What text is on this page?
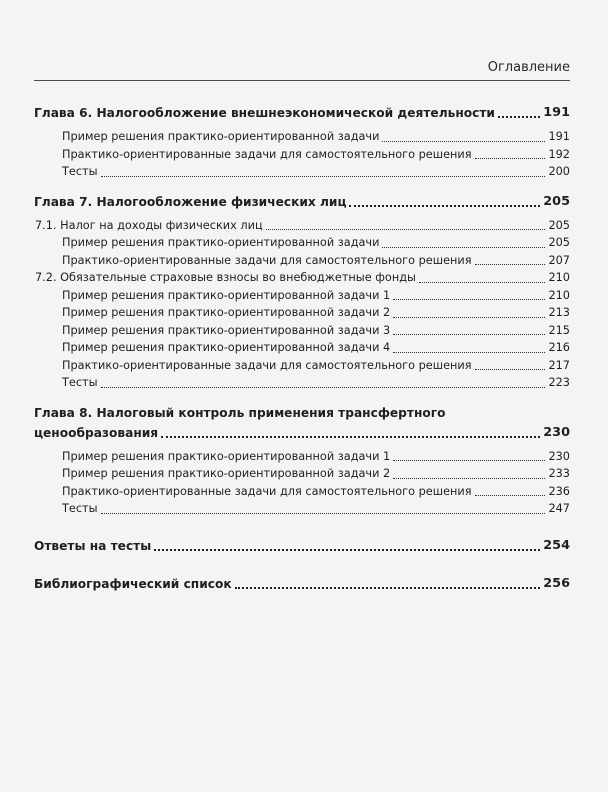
Оглавление
Глава 6. Налогообложение внешнеэкономической деятельности	191
Пример решения практико-ориентированной задачи	191
Практико-ориентированные задачи для самостоятельного решения	192
Тесты	200
Глава 7. Налогообложение физических лиц	205
7.1. Налог на доходы физических лиц	205
Пример решения практико-ориентированной задачи	205
Практико-ориентированные задачи для самостоятельного решения	207
7.2. Обязательные страховые взносы во внебюджетные фонды	210
Пример решения практико-ориентированной задачи 1	210
Пример решения практико-ориентированной задачи 2	213
Пример решения практико-ориентированной задачи 3	215
Пример решения практико-ориентированной задачи 4	216
Практико-ориентированные задачи для самостоятельного решения	217
Тесты	223
Глава 8. Налоговый контроль применения трансфертного
ценообразования	230
Пример решения практико-ориентированной задачи 1	230
Пример решения практико-ориентированной задачи 2	233
Практико-ориентированные задачи для самостоятельного решения	236
Тесты	247
Ответы на тесты	254
Библиографический список	256
